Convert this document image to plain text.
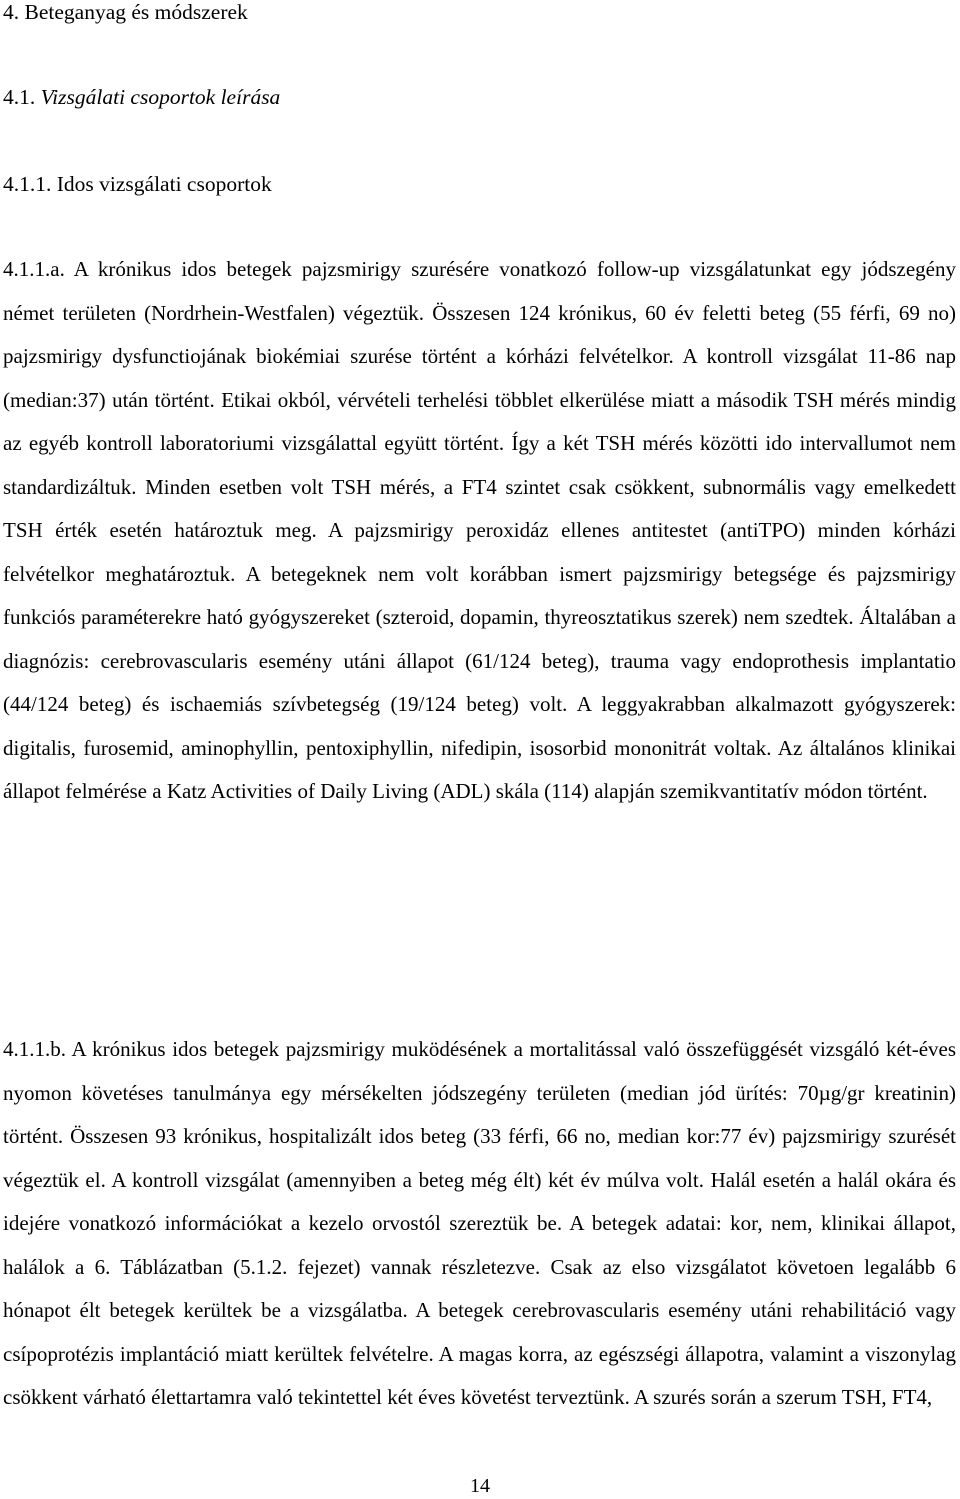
4. Beteganyag és módszerek
4.1. Vizsgálati csoportok leírása
4.1.1. Idos vizsgálati csoportok

4.1.1.a. A krónikus idos betegek pajzsmirigy szurésére vonatkozó follow-up vizsgálatunkat egy jódszegény német területen (Nordrhein-Westfalen) végeztük. Összesen 124 krónikus, 60 év feletti beteg (55 férfi, 69 no) pajzsmirigy dysfunctiojának biokémiai szurése történt a kórházi felvételkor. A kontroll vizsgálat 11-86 nap (median:37) után történt. Etikai okból, vérvételi terhelési többlet elkerülése miatt a második TSH mérés mindig az egyéb kontroll laboratoriumi vizsgálattal együtt történt. Így a két TSH mérés közötti ido intervallumot nem standardizáltuk. Minden esetben volt TSH mérés, a FT4 szintet csak csökkent, subnormális vagy emelkedett TSH érték esetén határoztuk meg. A pajzsmirigy peroxidáz ellenes antitestet (antiTPO) minden kórházi felvételkor meghatároztuk. A betegeknek nem volt korábban ismert pajzsmirigy betegsége és pajzsmirigy funkciós paraméterekre ható gyógyszereket (szteroid, dopamin, thyreosztatikus szerek) nem szedtek. Általában a diagnózis: cerebrovascularis esemény utáni állapot (61/124 beteg), trauma vagy endoprothesis implantatio (44/124 beteg) és ischaemiás szívbetegség (19/124 beteg) volt. A leggyakrabban alkalmazott gyógyszerek: digitalis, furosemid, aminophyllin, pentoxiphyllin, nifedipin, isosorbid mononitrát voltak. Az általános klinikai állapot felmérése a Katz Activities of Daily Living (ADL) skála (114) alapján szemikvantitatív módon történt.

4.1.1.b. A krónikus idos betegek pajzsmirigy muködésének a mortalitással való összefüggését vizsgáló két-éves nyomon követéses tanulmánya egy mérsékelten jódszegény területen (median jód ürítés: 70µg/gr kreatinin) történt. Összesen 93 krónikus, hospitalizált idos beteg (33 férfi, 66 no, median kor:77 év) pajzsmirigy szurését végeztük el. A kontroll vizsgálat (amennyiben a beteg még élt) két év múlva volt. Halál esetén a halál okára és idejére vonatkozó információkat a kezelo orvostól szereztük be. A betegek adatai: kor, nem, klinikai állapot, halálok a 6. Táblázatban (5.1.2. fejezet) vannak részletezve. Csak az elso vizsgálatot követoen legalább 6 hónapot élt betegek kerültek be a vizsgálatba. A betegek cerebrovascularis esemény utáni rehabilitáció vagy csípoprotézis implantáció miatt kerültek felvételre. A magas korra, az egészségi állapotra, valamint a viszonylag csökkent várható élettartamra való tekintettel két éves követést terveztünk. A szurés során a szerum TSH, FT4,

14
